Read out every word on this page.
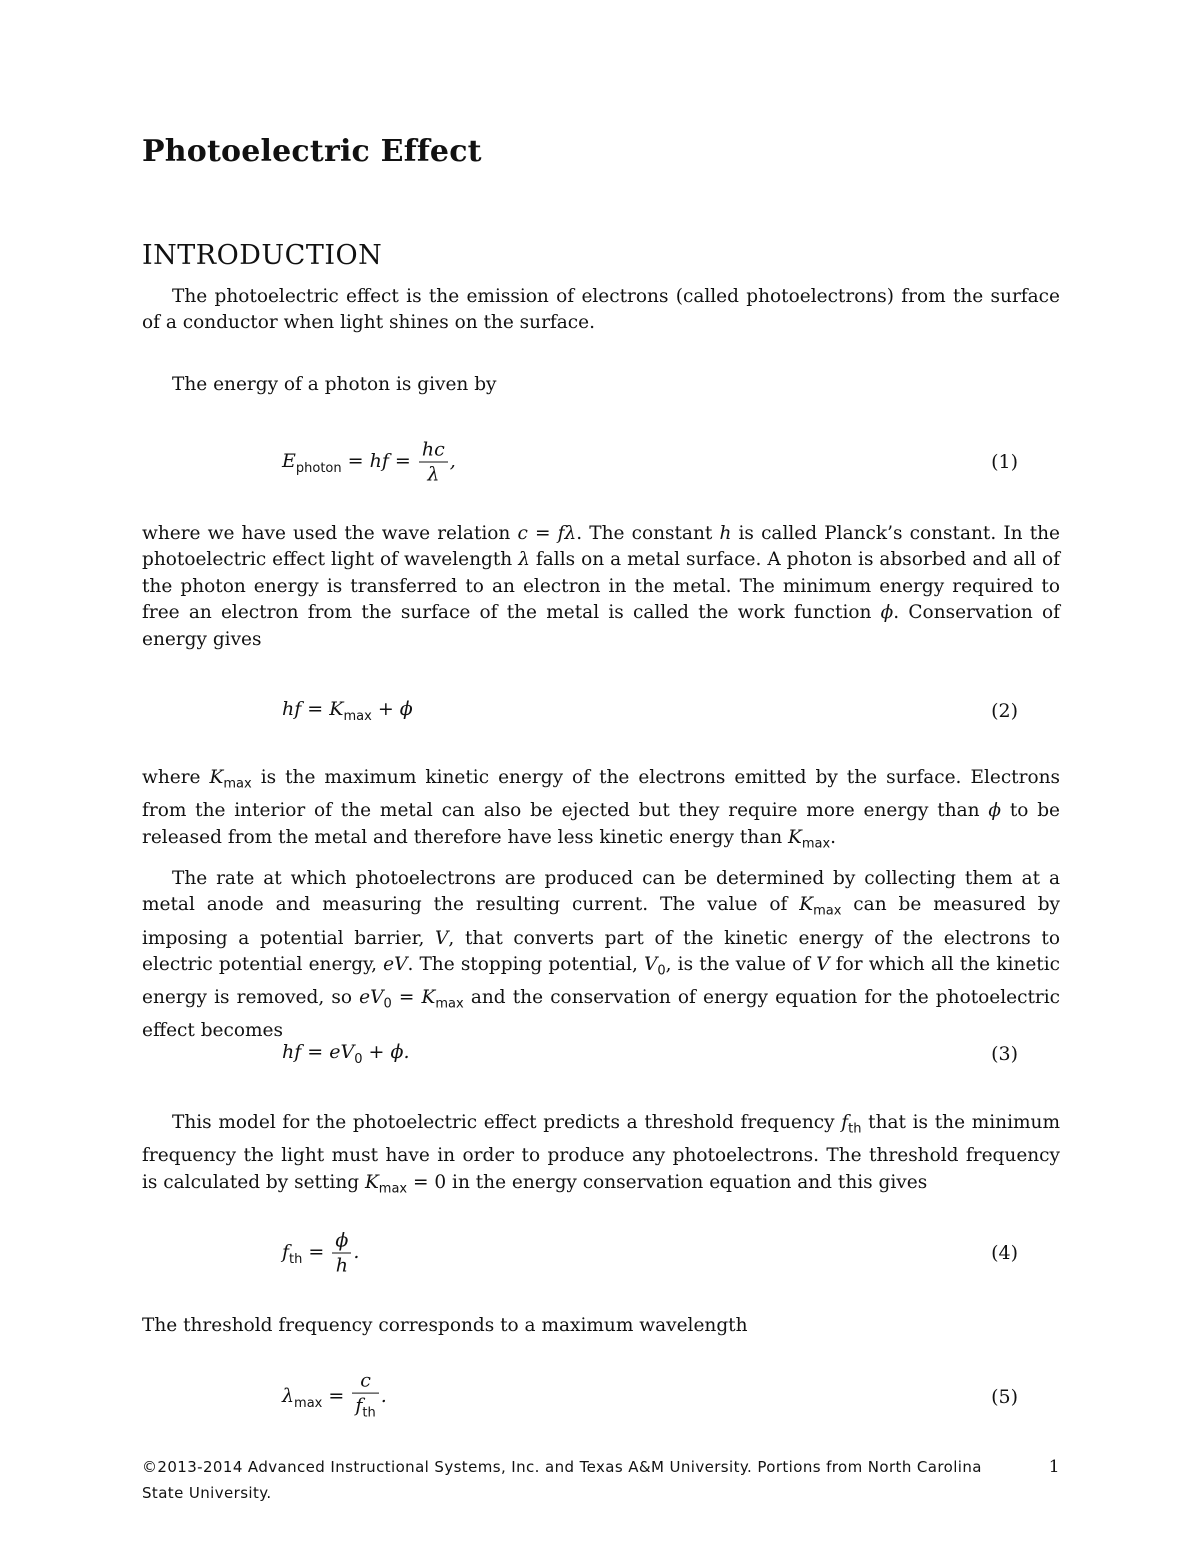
Photoelectric Effect
INTRODUCTION

The photoelectric effect is the emission of electrons (called photoelectrons) from the surface of a conductor when light shines on the surface.

The energy of a photon is given by

$E_{photon}$ = hf = $\frac{hc}{\lambda}$ ,	(1)

where we have used the wave relation c = fλ. The constant h is called Planck’s constant. In the photoelectric effect light of wavelength λ falls on a metal surface. A photon is absorbed and all of the photon energy is transferred to an electron in the metal. The minimum energy required to free an electron from the surface of the metal is called the work function ϕ. Conservation of energy gives

hf = $K_{max} + \phi$	(2)

where $K_{max}$ is the maximum kinetic energy of the electrons emitted by the surface. Electrons from the interior of the metal can also be ejected but they require more energy than ϕ to be released from the metal and therefore have less kinetic energy than $K_{max}$.

The rate at which photoelectrons are produced can be determined by collecting them at a metal anode and measuring the resulting current. The value of $K_{max}$ can be measured by imposing a potential barrier, V, that converts part of the kinetic energy of the electrons to electric potential energy, eV. The stopping potential, $V_0$, is the value of V for which all the kinetic energy is removed, so $eV_0 = K_{max}$ and the conservation of energy equation for the photoelectric effect becomes

hf = $eV_0 + \phi$.	(3)

This model for the photoelectric effect predicts a threshold frequency $f_{th}$ that is the minimum frequency the light must have in order to produce any photoelectrons. The threshold frequency is calculated by setting $K_{max} = 0$ in the energy conservation equation and this gives

$f_{th} = \frac{\phi}{h}$ .	(4)

The threshold frequency corresponds to a maximum wavelength

$\lambda_{max} = \frac{c}{f_{th}}$ .	(5)
©2013-2014 Advanced Instructional Systems, Inc. and Texas A&M University. Portions from North Carolina State University.
1
